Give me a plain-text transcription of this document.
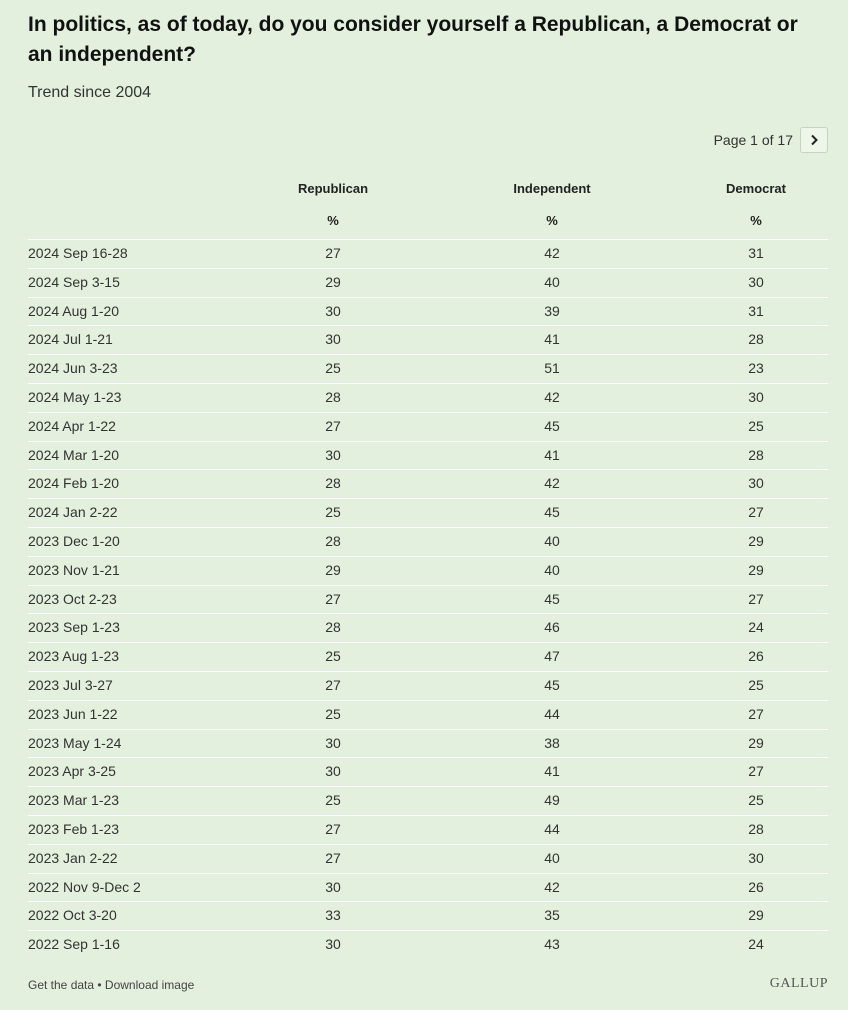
In politics, as of today, do you consider yourself a Republican, a Democrat or an independent?
Trend since 2004
Page 1 of 17
Republican	Independent	Democrat
%	%	%
2024 Sep 16-28	27	42	31
2024 Sep 3-15	29	40	30
2024 Aug 1-20	30	39	31
2024 Jul 1-21	30	41	28
2024 Jun 3-23	25	51	23
2024 May 1-23	28	42	30
2024 Apr 1-22	27	45	25
2024 Mar 1-20	30	41	28
2024 Feb 1-20	28	42	30
2024 Jan 2-22	25	45	27
2023 Dec 1-20	28	40	29
2023 Nov 1-21	29	40	29
2023 Oct 2-23	27	45	27
2023 Sep 1-23	28	46	24
2023 Aug 1-23	25	47	26
2023 Jul 3-27	27	45	25
2023 Jun 1-22	25	44	27
2023 May 1-24	30	38	29
2023 Apr 3-25	30	41	27
2023 Mar 1-23	25	49	25
2023 Feb 1-23	27	44	28
2023 Jan 2-22	27	40	30
2022 Nov 9-Dec 2	30	42	26
2022 Oct 3-20	33	35	29
2022 Sep 1-16	30	43	24
Get the data • Download image	GALLUP
